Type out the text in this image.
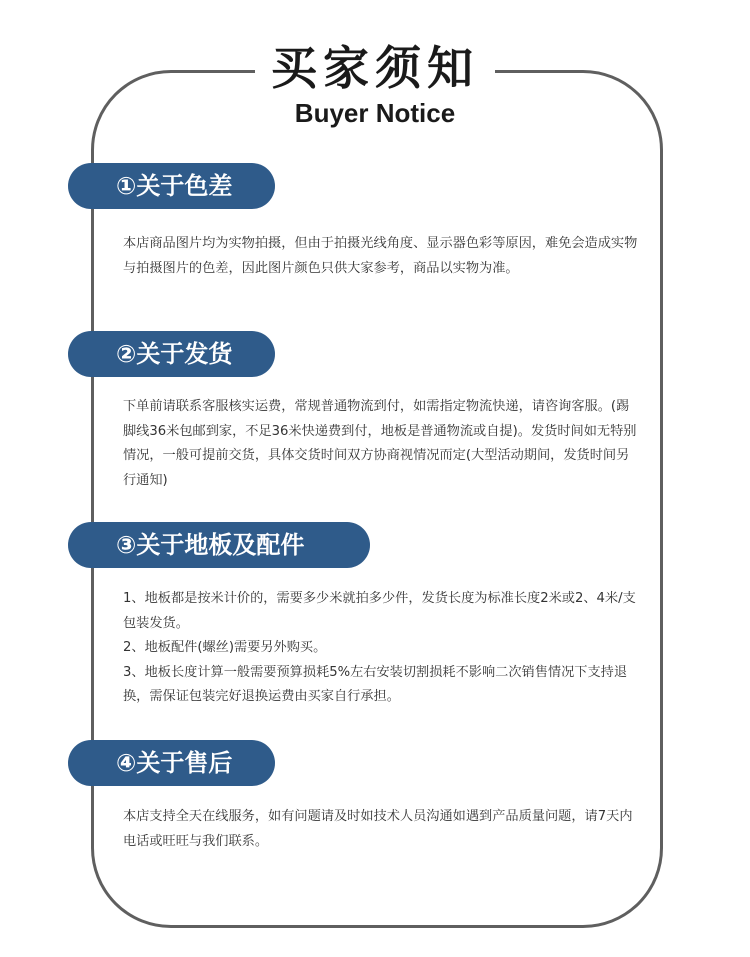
买家须知
Buyer Notice
①关于色差
本店商品图片均为实物拍摄，但由于拍摄光线角度、显示器色彩等原因，难免会造成实物与拍摄图片的色差，因此图片颜色只供大家参考，商品以实物为准。
②关于发货
下单前请联系客服核实运费，常规普通物流到付，如需指定物流快递，请咨询客服。(踢脚线36米包邮到家，不足36米快递费到付，地板是普通物流或自提)。发货时间如无特别情况，一般可提前交货，具体交货时间双方协商视情况而定(大型活动期间，发货时间另行通知)
③关于地板及配件
1、地板都是按米计价的，需要多少米就拍多少件，发货长度为标准长度2米或2、4米/支包装发货。
2、地板配件(螺丝)需要另外购买。
3、地板长度计算一般需要预算损耗5%左右安装切割损耗不影响二次销售情况下支持退换，需保证包装完好退换运费由买家自行承担。
④关于售后
本店支持全天在线服务，如有问题请及时如技术人员沟通如遇到产品质量问题，请7天内电话或旺旺与我们联系。
